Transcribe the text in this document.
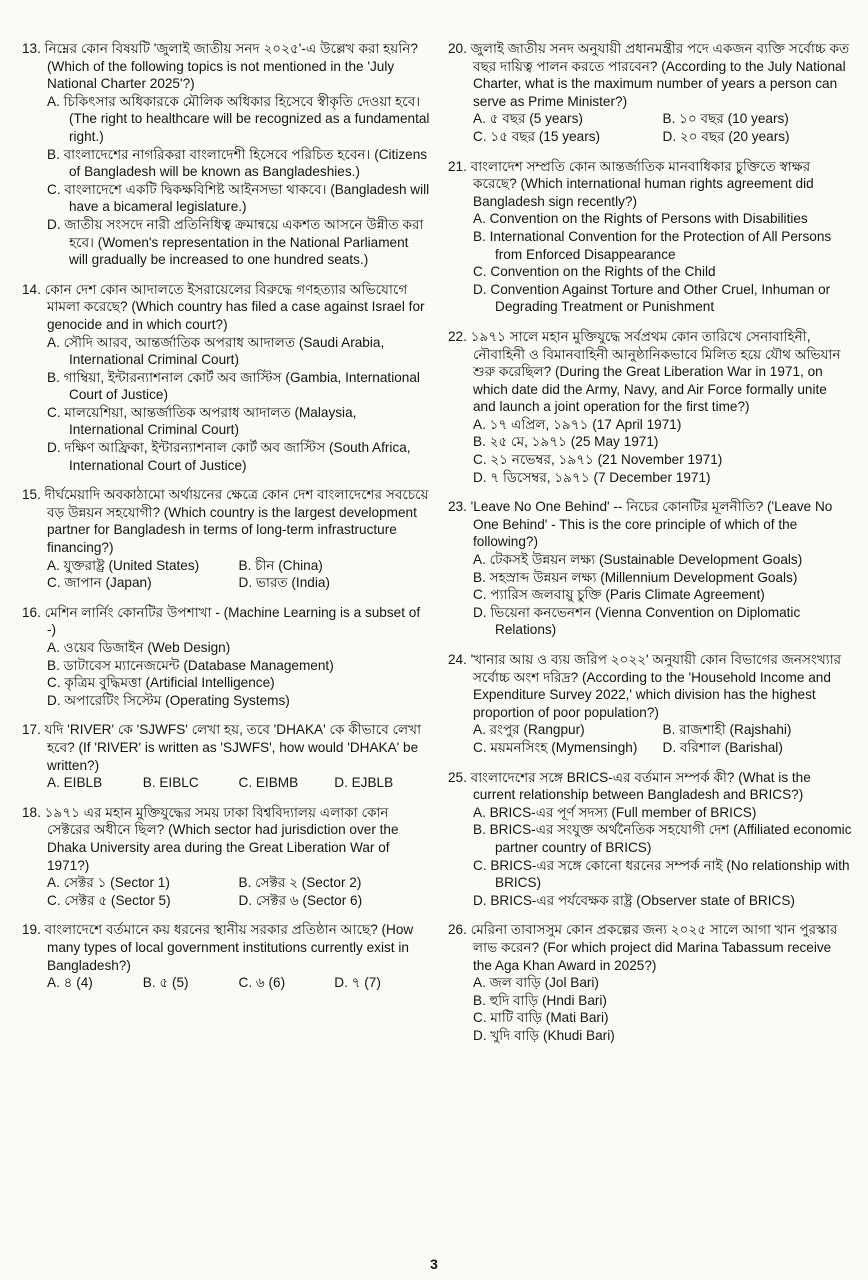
13. নিম্নের কোন বিষয়টি 'জুলাই জাতীয় সনদ ২০২৫'-এ উল্লেখ করা হয়নি? (Which of the following topics is not mentioned in the 'July National Charter 2025'?)
A. চিকিৎসার অধিকারকে মৌলিক অধিকার হিসেবে স্বীকৃতি দেওয়া হবে। (The right to healthcare will be recognized as a fundamental right.)
B. বাংলাদেশের নাগরিকরা বাংলাদেশী হিসেবে পরিচিত হবেন। (Citizens of Bangladesh will be known as Bangladeshies.)
C. বাংলাদেশে একটি দ্বিকক্ষবিশিষ্ট আইনসভা থাকবে। (Bangladesh will have a bicameral legislature.)
D. জাতীয় সংসদে নারী প্রতিনিধিত্ব ক্রমান্বয়ে একশত আসনে উন্নীত করা হবে। (Women's representation in the National Parliament will gradually be increased to one hundred seats.)
14. কোন দেশ কোন আদালতে ইসরায়েলের বিরুদ্ধে গণহত্যার অভিযোগে মামলা করেছে? (Which country has filed a case against Israel for genocide and in which court?)
A. সৌদি আরব, আন্তর্জাতিক অপরাধ আদালত (Saudi Arabia, International Criminal Court)
B. গাম্বিয়া, ইন্টারন্যাশনাল কোর্ট অব জাস্টিস (Gambia, International Court of Justice)
C. মালয়েশিয়া, আন্তর্জাতিক অপরাধ আদালত (Malaysia, International Criminal Court)
D. দক্ষিণ আফ্রিকা, ইন্টারন্যাশনাল কোর্ট অব জাস্টিস (South Africa, International Court of Justice)
15. দীর্ঘমেয়াদি অবকাঠামো অর্থায়নের ক্ষেত্রে কোন দেশ বাংলাদেশের সবচেয়ে বড় উন্নয়ন সহযোগী? (Which country is the largest development partner for Bangladesh in terms of long-term infrastructure financing?)
A. যুক্তরাষ্ট্র (United States)	B. চীন (China)
C. জাপান (Japan)	D. ভারত (India)
16. মেশিন লার্নিং কোনটির উপশাখা - (Machine Learning is a subset of -)
A. ওয়েব ডিজাইন (Web Design)
B. ডাটাবেস ম্যানেজমেন্ট (Database Management)
C. কৃত্রিম বুদ্ধিমত্তা (Artificial Intelligence)
D. অপারেটিং সিস্টেম (Operating Systems)
17. যদি 'RIVER' কে 'SJWFS' লেখা হয়, তবে 'DHAKA' কে কীভাবে লেখা হবে? (If 'RIVER' is written as 'SJWFS', how would 'DHAKA' be written?)
A. EIBLB	B. EIBLC	C. EIBMB	D. EJBLB
18. ১৯৭১ এর মহান মুক্তিযুদ্ধের সময় ঢাকা বিশ্ববিদ্যালয় এলাকা কোন সেক্টরের অধীনে ছিল? (Which sector had jurisdiction over the Dhaka University area during the Great Liberation War of 1971?)
A. সেক্টর ১ (Sector 1)	B. সেক্টর ২ (Sector 2)
C. সেক্টর ৫ (Sector 5)	D. সেক্টর ৬ (Sector 6)
19. বাংলাদেশে বর্তমানে কয় ধরনের স্থানীয় সরকার প্রতিষ্ঠান আছে? (How many types of local government institutions currently exist in Bangladesh?)
A. ৪ (4)	B. ৫ (5)	C. ৬ (6)	D. ৭ (7)
20. জুলাই জাতীয় সনদ অনুযায়ী প্রধানমন্ত্রীর পদে একজন ব্যক্তি সর্বোচ্চ কত বছর দায়িত্ব পালন করতে পারবেন? (According to the July National Charter, what is the maximum number of years a person can serve as Prime Minister?)
A. ৫ বছর (5 years)	B. ১০ বছর (10 years)
C. ১৫ বছর (15 years)	D. ২০ বছর (20 years)
21. বাংলাদেশ সম্প্রতি কোন আন্তর্জাতিক মানবাধিকার চুক্তিতে স্বাক্ষর করেছে? (Which international human rights agreement did Bangladesh sign recently?)
A. Convention on the Rights of Persons with Disabilities
B. International Convention for the Protection of All Persons from Enforced Disappearance
C. Convention on the Rights of the Child
D. Convention Against Torture and Other Cruel, Inhuman or Degrading Treatment or Punishment
22. ১৯৭১ সালে মহান মুক্তিযুদ্ধে সর্বপ্রথম কোন তারিখে সেনাবাহিনী, নৌবাহিনী ও বিমানবাহিনী আনুষ্ঠানিকভাবে মিলিত হয়ে যৌথ অভিযান শুরু করেছিল? (During the Great Liberation War in 1971, on which date did the Army, Navy, and Air Force formally unite and launch a joint operation for the first time?)
A. ১৭ এপ্রিল, ১৯৭১ (17 April 1971)
B. ২৫ মে, ১৯৭১ (25 May 1971)
C. ২১ নভেম্বর, ১৯৭১ (21 November 1971)
D. ৭ ডিসেম্বর, ১৯৭১ (7 December 1971)
23. 'Leave No One Behind' -- নিচের কোনটির মূলনীতি? ('Leave No One Behind' - This is the core principle of which of the following?)
A. টেকসই উন্নয়ন লক্ষ্য (Sustainable Development Goals)
B. সহস্রাব্দ উন্নয়ন লক্ষ্য (Millennium Development Goals)
C. প্যারিস জলবায়ু চুক্তি (Paris Climate Agreement)
D. ভিয়েনা কনভেনশন (Vienna Convention on Diplomatic Relations)
24. 'খানার আয় ও ব্যয় জরিপ ২০২২' অনুযায়ী কোন বিভাগের জনসংখ্যার সর্বোচ্চ অংশ দরিদ্র? (According to the 'Household Income and Expenditure Survey 2022,' which division has the highest proportion of poor population?)
A. রংপুর (Rangpur)	B. রাজশাহী (Rajshahi)
C. ময়মনসিংহ (Mymensingh)	D. বরিশাল (Barishal)
25. বাংলাদেশের সঙ্গে BRICS-এর বর্তমান সম্পর্ক কী? (What is the current relationship between Bangladesh and BRICS?)
A. BRICS-এর পূর্ণ সদস্য (Full member of BRICS)
B. BRICS-এর সংযুক্ত অর্থনৈতিক সহযোগী দেশ (Affiliated economic partner country of BRICS)
C. BRICS-এর সঙ্গে কোনো ধরনের সম্পর্ক নাই (No relationship with BRICS)
D. BRICS-এর পর্যবেক্ষক রাষ্ট্র (Observer state of BRICS)
26. মেরিনা তাবাসসুম কোন প্রকল্পের জন্য ২০২৫ সালে আগা খান পুরস্কার লাভ করেন? (For which project did Marina Tabassum receive the Aga Khan Award in 2025?)
A. জল বাড়ি (Jol Bari)
B. হুদি বাড়ি (Hndi Bari)
C. মাটি বাড়ি (Mati Bari)
D. খুদি বাড়ি (Khudi Bari)
3
